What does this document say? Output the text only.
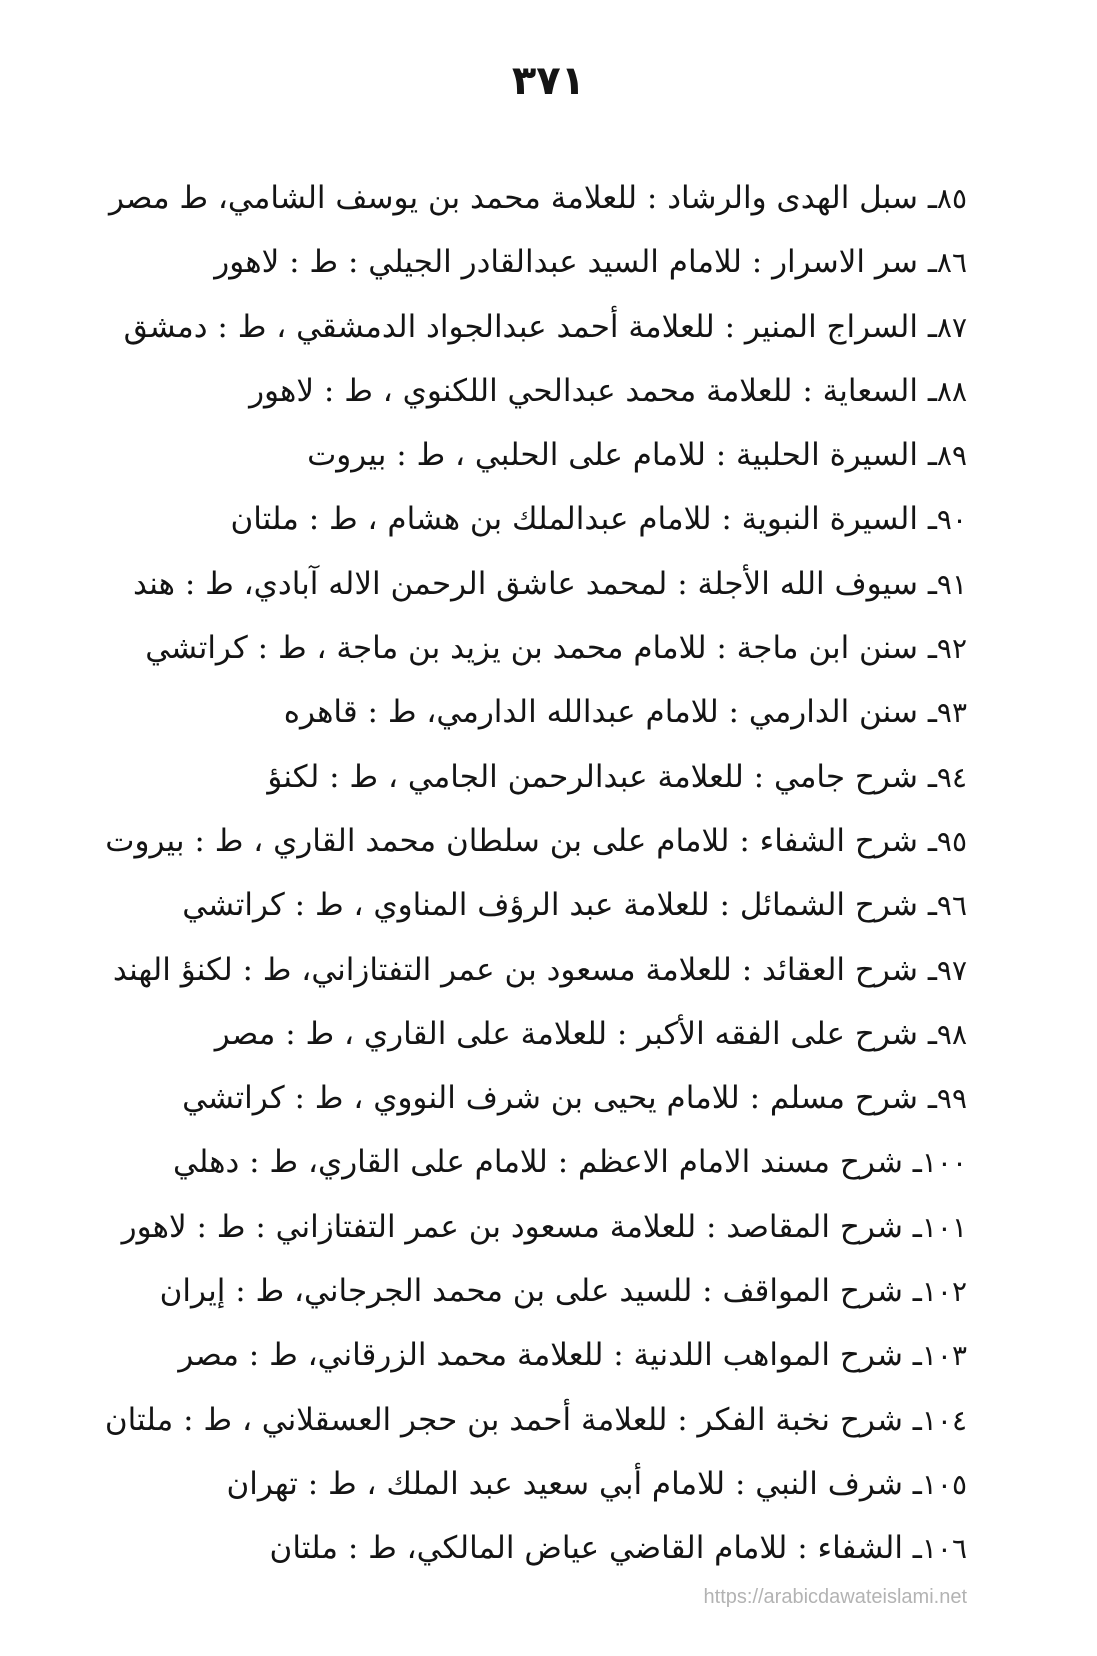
٣٧١
٨٥ـ سبل الهدى والرشاد : للعلامة محمد بن يوسف الشامي، ط مصر
٨٦ـ سر الاسرار : للامام السيد عبدالقادر الجيلي : ط : لاهور
٨٧ـ السراج المنير : للعلامة أحمد عبدالجواد الدمشقي ، ط : دمشق
٨٨ـ السعاية : للعلامة محمد عبدالحي اللكنوي ، ط : لاهور
٨٩ـ السيرة الحلبية : للامام على الحلبي ، ط : بيروت
٩٠ـ السيرة النبوية : للامام عبدالملك بن هشام ، ط : ملتان
٩١ـ سيوف الله الأجلة : لمحمد عاشق الرحمن الاله آبادي، ط : هند
٩٢ـ سنن ابن ماجة : للامام محمد بن يزيد بن ماجة ، ط : كراتشي
٩٣ـ سنن الدارمي : للامام عبدالله الدارمي، ط : قاهره
٩٤ـ شرح جامي : للعلامة عبدالرحمن الجامي ، ط : لكنؤ
٩٥ـ شرح الشفاء : للامام على بن سلطان محمد القاري ، ط : بيروت
٩٦ـ شرح الشمائل : للعلامة عبد الرؤف المناوي ، ط : كراتشي
٩٧ـ شرح العقائد : للعلامة مسعود بن عمر التفتازاني، ط : لكنؤ الهند
٩٨ـ شرح على الفقه الأكبر : للعلامة على القاري ، ط : مصر
٩٩ـ شرح مسلم : للامام يحيى بن شرف النووي ، ط : كراتشي
١٠٠ـ شرح مسند الامام الاعظم : للامام على القاري، ط : دهلي
١٠١ـ شرح المقاصد : للعلامة مسعود بن عمر التفتازاني : ط : لاهور
١٠٢ـ شرح المواقف : للسيد على بن محمد الجرجاني، ط : إيران
١٠٣ـ شرح المواهب اللدنية : للعلامة محمد الزرقاني، ط : مصر
١٠٤ـ شرح نخبة الفكر : للعلامة أحمد بن حجر العسقلاني ، ط : ملتان
١٠٥ـ شرف النبي : للامام أبي سعيد عبد الملك ، ط : تهران
١٠٦ـ الشفاء : للامام القاضي عياض المالكي، ط : ملتان
https://arabicdawateislami.net
